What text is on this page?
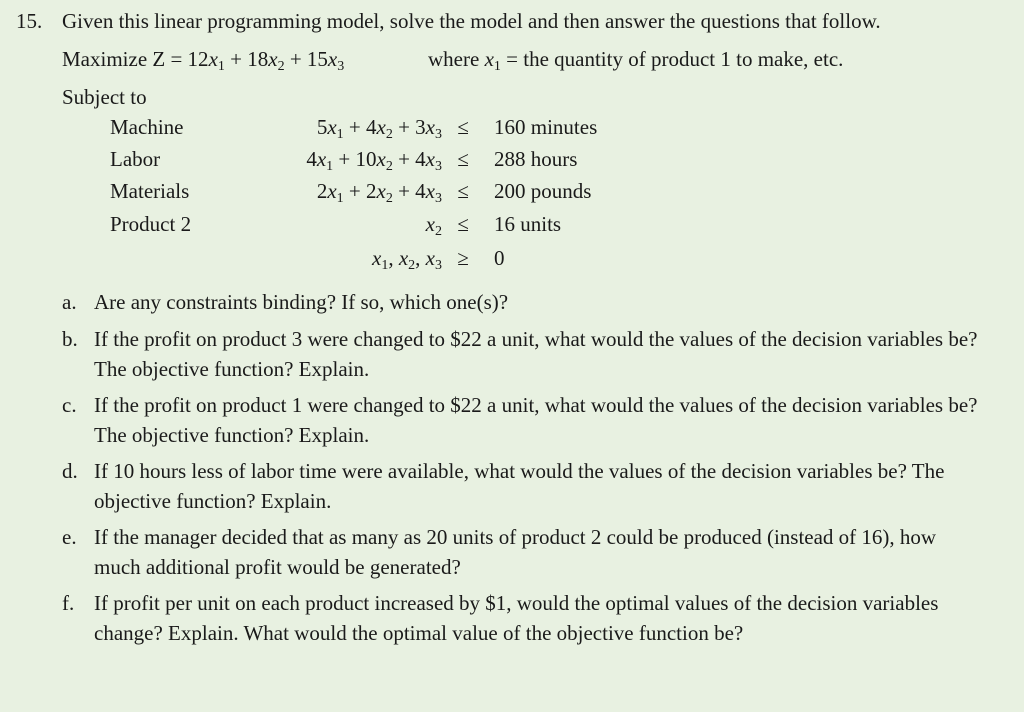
15. Given this linear programming model, solve the model and then answer the questions that follow.
Maximize $Z = 12x_1 + 18x_2 + 15x_3$	where $x_1$ = the quantity of product 1 to make, etc.
Subject to
Machine	$5x_1 + 4x_2 + 3x_3$ ≤	160 minutes
Labor	$4x_1 + 10x_2 + 4x_3$ ≤	288 hours
Materials	$2x_1 + 2x_2 + 4x_3$ ≤	200 pounds
Product 2	$x_2$ ≤	16 units
$x_1$, $x_2$, $x_3$ ≥	0
a. Are any constraints binding? If so, which one(s)?
b. If the profit on product 3 were changed to $22 a unit, what would the values of the decision variables be? The objective function? Explain.
c. If the profit on product 1 were changed to $22 a unit, what would the values of the decision variables be? The objective function? Explain.
d. If 10 hours less of labor time were available, what would the values of the decision variables be? The objective function? Explain.
e. If the manager decided that as many as 20 units of product 2 could be produced (instead of 16), how much additional profit would be generated?
f. If profit per unit on each product increased by $1, would the optimal values of the decision variables change? Explain. What would the optimal value of the objective function be?
